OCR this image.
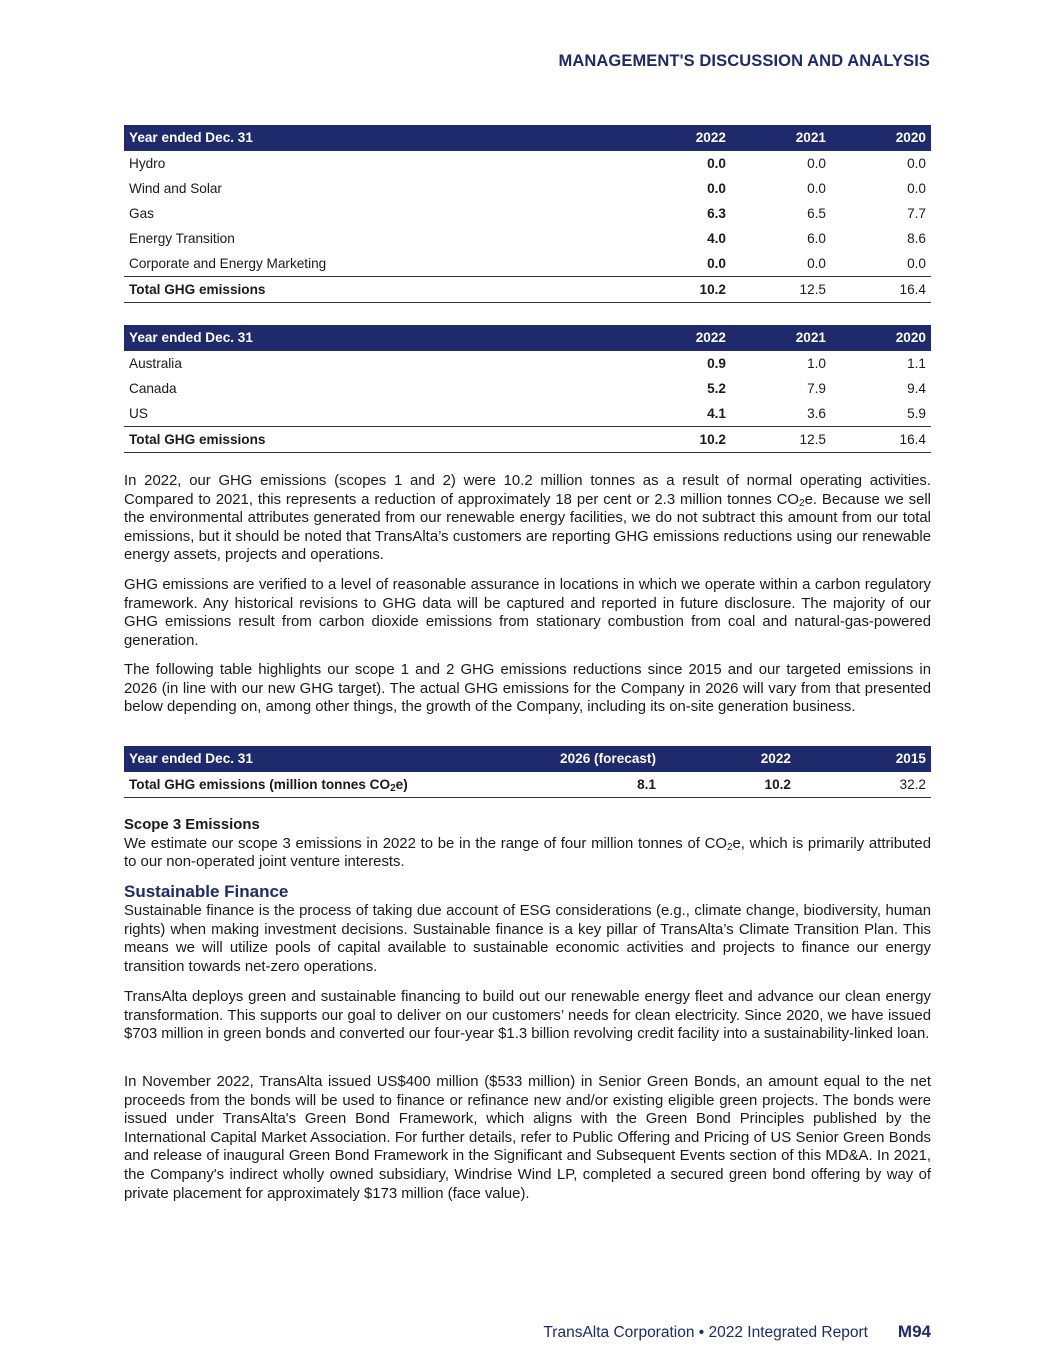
MANAGEMENT'S DISCUSSION AND ANALYSIS
Year ended Dec. 31	2022	2021	2020
Hydro	0.0	0.0	0.0
Wind and Solar	0.0	0.0	0.0
Gas	6.3	6.5	7.7
Energy Transition	4.0	6.0	8.6
Corporate and Energy Marketing	0.0	0.0	0.0
Total GHG emissions	10.2	12.5	16.4
Year ended Dec. 31	2022	2021	2020
Australia	0.9	1.0	1.1
Canada	5.2	7.9	9.4
US	4.1	3.6	5.9
Total GHG emissions	10.2	12.5	16.4

In 2022, our GHG emissions (scopes 1 and 2) were 10.2 million tonnes as a result of normal operating activities. Compared to 2021, this represents a reduction of approximately 18 per cent or 2.3 million tonnes $CO_2e$. Because we sell the environmental attributes generated from our renewable energy facilities, we do not subtract this amount from our total emissions, but it should be noted that TransAlta’s customers are reporting GHG emissions reductions using our renewable energy assets, projects and operations.

GHG emissions are verified to a level of reasonable assurance in locations in which we operate within a carbon regulatory framework. Any historical revisions to GHG data will be captured and reported in future disclosure. The majority of our GHG emissions result from carbon dioxide emissions from stationary combustion from coal and natural-gas-powered generation.

The following table highlights our scope 1 and 2 GHG emissions reductions since 2015 and our targeted emissions in 2026 (in line with our new GHG target). The actual GHG emissions for the Company in 2026 will vary from that presented below depending on, among other things, the growth of the Company, including its on-site generation business.

Year ended Dec. 31	2026 (forecast)	2022	2015
Total GHG emissions (million tonnes $CO_2e$)	8.1	10.2	32.2
Scope 3 Emissions

We estimate our scope 3 emissions in 2022 to be in the range of four million tonnes of $CO_2e$, which is primarily attributed to our non-operated joint venture interests.

Sustainable Finance

Sustainable finance is the process of taking due account of ESG considerations (e.g., climate change, biodiversity, human rights) when making investment decisions. Sustainable finance is a key pillar of TransAlta’s Climate Transition Plan. This means we will utilize pools of capital available to sustainable economic activities and projects to finance our energy transition towards net-zero operations.

TransAlta deploys green and sustainable financing to build out our renewable energy fleet and advance our clean energy transformation. This supports our goal to deliver on our customers’ needs for clean electricity. Since 2020, we have issued $703 million in green bonds and converted our four-year $1.3 billion revolving credit facility into a sustainability-linked loan.

In November 2022, TransAlta issued US$400 million ($533 million) in Senior Green Bonds, an amount equal to the net proceeds from the bonds will be used to finance or refinance new and/or existing eligible green projects. The bonds were issued under TransAlta's Green Bond Framework, which aligns with the Green Bond Principles published by the International Capital Market Association. For further details, refer to Public Offering and Pricing of US Senior Green Bonds and release of inaugural Green Bond Framework in the Significant and Subsequent Events section of this MD&A. In 2021, the Company's indirect wholly owned subsidiary, Windrise Wind LP, completed a secured green bond offering by way of private placement for approximately $173 million (face value).

TransAlta Corporation • 2022 Integrated Report M94
